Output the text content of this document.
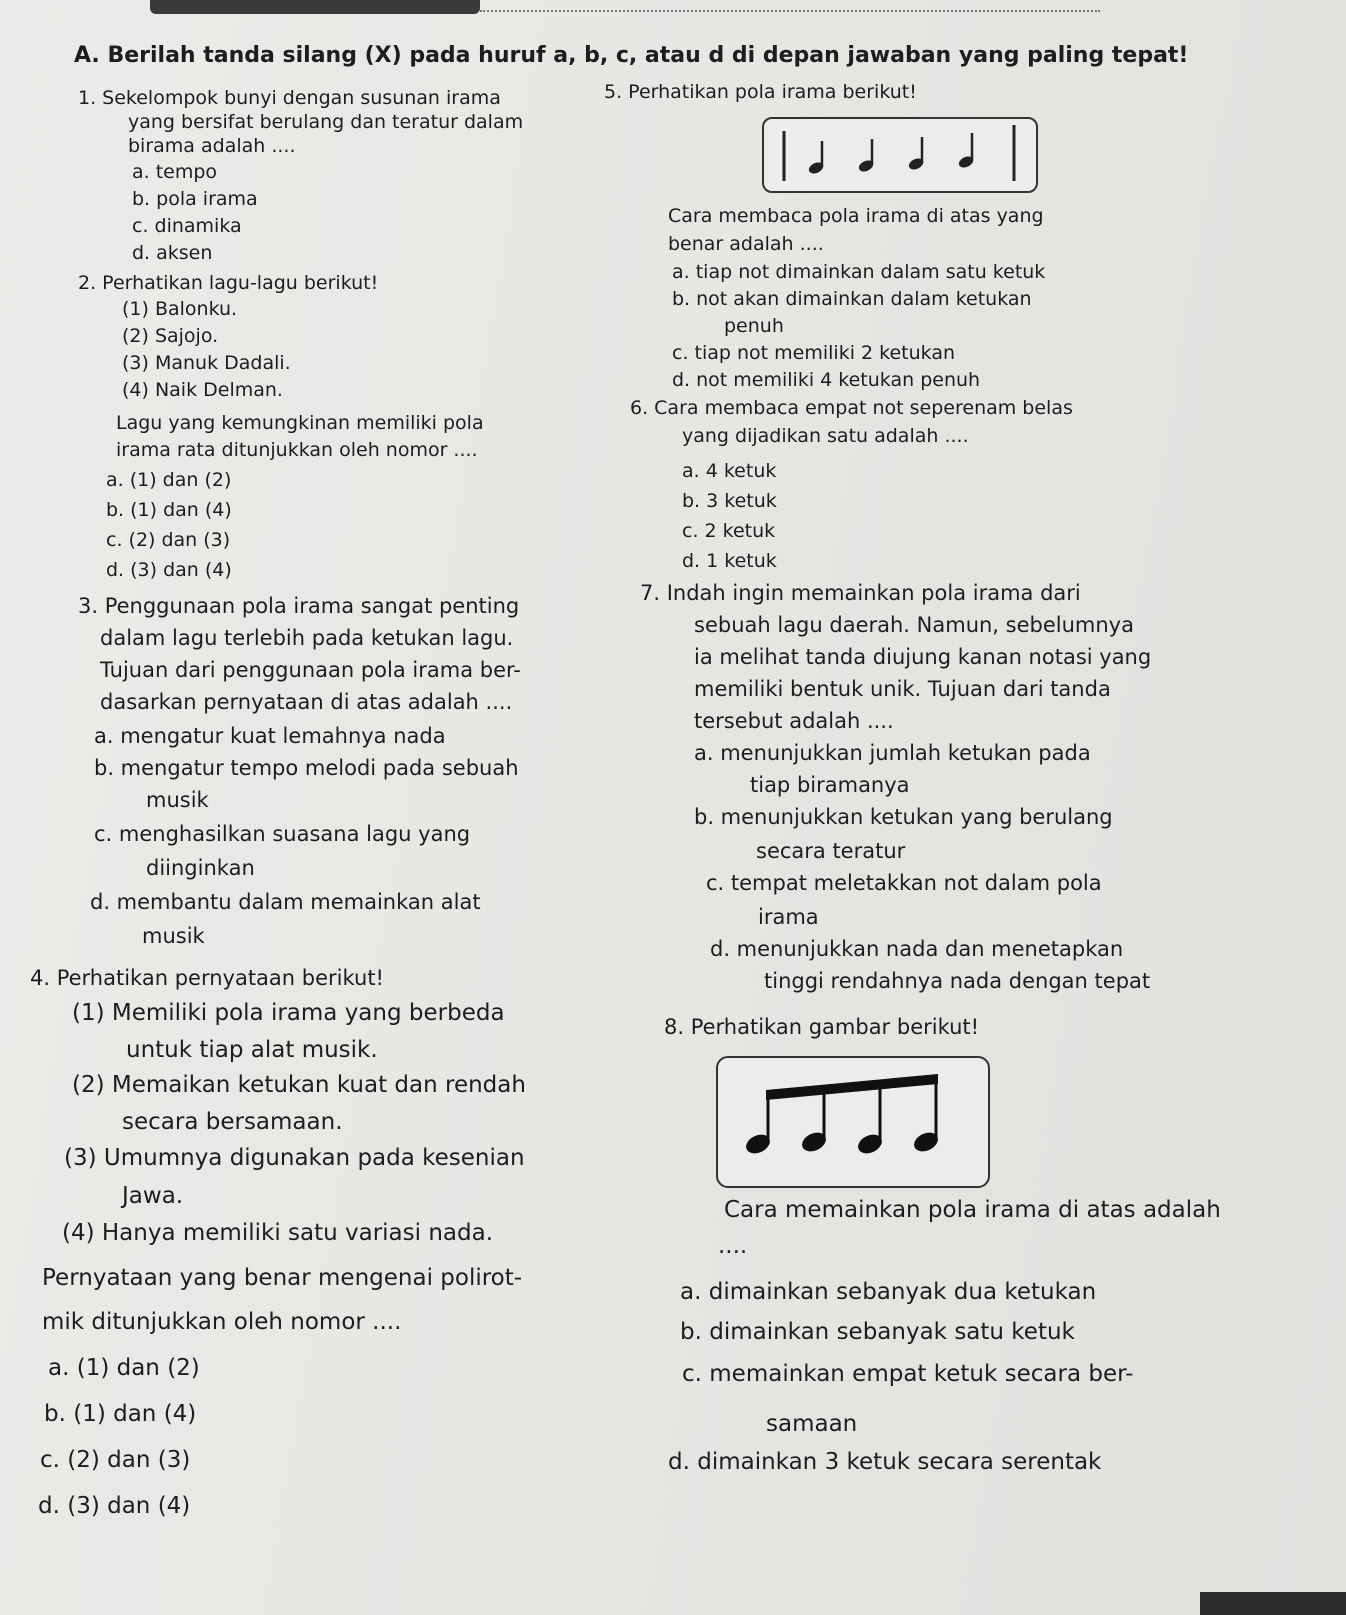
A. Berilah tanda silang (X) pada huruf a, b, c, atau d di depan jawaban yang paling tepat!
1. Sekelompok bunyi dengan susunan irama
yang bersifat berulang dan teratur dalam
birama adalah ....
a. tempo
b. pola irama
c. dinamika
d. aksen
2. Perhatikan lagu-lagu berikut!
(1) Balonku.
(2) Sajojo.
(3) Manuk Dadali.
(4) Naik Delman.
Lagu yang kemungkinan memiliki pola
irama rata ditunjukkan oleh nomor ....
a. (1) dan (2)
b. (1) dan (4)
c. (2) dan (3)
d. (3) dan (4)
3. Penggunaan pola irama sangat penting
dalam lagu terlebih pada ketukan lagu.
Tujuan dari penggunaan pola irama ber-
dasarkan pernyataan di atas adalah ....
a. mengatur kuat lemahnya nada
b. mengatur tempo melodi pada sebuah
musik
c. menghasilkan suasana lagu yang
diinginkan
d. membantu dalam memainkan alat
musik
4. Perhatikan pernyataan berikut!
(1) Memiliki pola irama yang berbeda
untuk tiap alat musik.
(2) Memaikan ketukan kuat dan rendah
secara bersamaan.
(3) Umumnya digunakan pada kesenian
Jawa.
(4) Hanya memiliki satu variasi nada.
Pernyataan yang benar mengenai polirot-
mik ditunjukkan oleh nomor ....
a. (1) dan (2)
b. (1) dan (4)
c. (2) dan (3)
d. (3) dan (4)
5. Perhatikan pola irama berikut!
Cara membaca pola irama di atas yang
benar adalah ....
a. tiap not dimainkan dalam satu ketuk
b. not akan dimainkan dalam ketukan
penuh
c. tiap not memiliki 2 ketukan
d. not memiliki 4 ketukan penuh
6. Cara membaca empat not seperenam belas
yang dijadikan satu adalah ....
a. 4 ketuk
b. 3 ketuk
c. 2 ketuk
d. 1 ketuk
7. Indah ingin memainkan pola irama dari
sebuah lagu daerah. Namun, sebelumnya
ia melihat tanda diujung kanan notasi yang
memiliki bentuk unik. Tujuan dari tanda
tersebut adalah ....
a. menunjukkan jumlah ketukan pada
tiap biramanya
b. menunjukkan ketukan yang berulang
secara teratur
c. tempat meletakkan not dalam pola
irama
d. menunjukkan nada dan menetapkan
tinggi rendahnya nada dengan tepat
8. Perhatikan gambar berikut!
Cara memainkan pola irama di atas adalah
....
a. dimainkan sebanyak dua ketukan
b. dimainkan sebanyak satu ketuk
c. memainkan empat ketuk secara ber-
samaan
d. dimainkan 3 ketuk secara serentak
